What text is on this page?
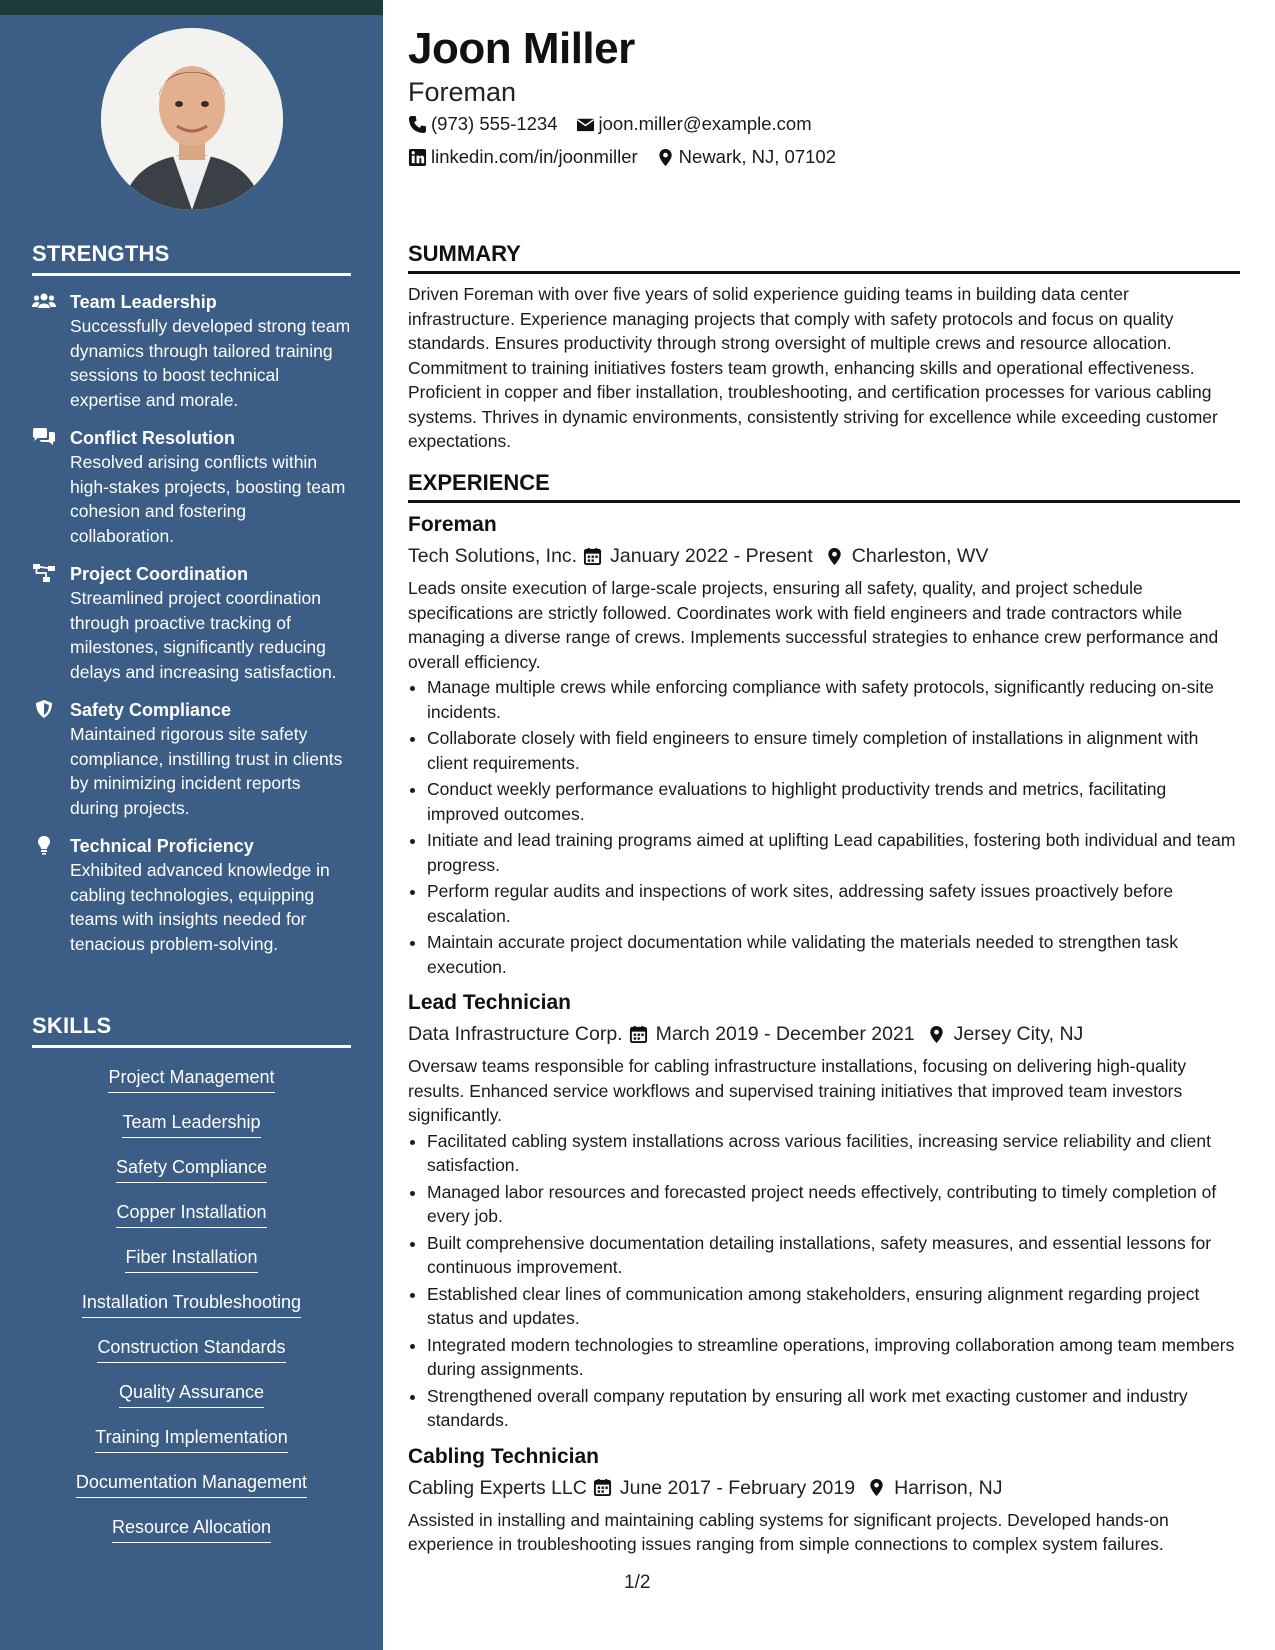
STRENGTHS
Team Leadership
Successfully developed strong team dynamics through tailored training sessions to boost technical expertise and morale.
Conflict Resolution
Resolved arising conflicts within high-stakes projects, boosting team cohesion and fostering collaboration.
Project Coordination
Streamlined project coordination through proactive tracking of milestones, significantly reducing delays and increasing satisfaction.
Safety Compliance
Maintained rigorous site safety compliance, instilling trust in clients by minimizing incident reports during projects.
Technical Proficiency
Exhibited advanced knowledge in cabling technologies, equipping teams with insights needed for tenacious problem-solving.
SKILLS
Project Management
Team Leadership
Safety Compliance
Copper Installation
Fiber Installation
Installation Troubleshooting
Construction Standards
Quality Assurance
Training Implementation
Documentation Management
Resource Allocation
Joon Miller
Foreman
(973) 555-1234 joon.miller@example.com
linkedin.com/in/joonmiller Newark, NJ, 07102
SUMMARY

Driven Foreman with over five years of solid experience guiding teams in building data center infrastructure. Experience managing projects that comply with safety protocols and focus on quality standards. Ensures productivity through strong oversight of multiple crews and resource allocation. Commitment to training initiatives fosters team growth, enhancing skills and operational effectiveness. Proficient in copper and fiber installation, troubleshooting, and certification processes for various cabling systems. Thrives in dynamic environments, consistently striving for excellence while exceeding customer expectations.

EXPERIENCE
Foreman
Tech Solutions, Inc. January 2022 - Present Charleston, WV

Leads onsite execution of large-scale projects, ensuring all safety, quality, and project schedule specifications are strictly followed. Coordinates work with field engineers and trade contractors while managing a diverse range of crews. Implements successful strategies to enhance crew performance and overall efficiency.

• Manage multiple crews while enforcing compliance with safety protocols, significantly reducing on-site incidents.
• Collaborate closely with field engineers to ensure timely completion of installations in alignment with client requirements.
• Conduct weekly performance evaluations to highlight productivity trends and metrics, facilitating improved outcomes.
• Initiate and lead training programs aimed at uplifting Lead capabilities, fostering both individual and team progress.
• Perform regular audits and inspections of work sites, addressing safety issues proactively before escalation.
• Maintain accurate project documentation while validating the materials needed to strengthen task execution.
Lead Technician
Data Infrastructure Corp. March 2019 - December 2021 Jersey City, NJ

Oversaw teams responsible for cabling infrastructure installations, focusing on delivering high-quality results. Enhanced service workflows and supervised training initiatives that improved team investors significantly.

• Facilitated cabling system installations across various facilities, increasing service reliability and client satisfaction.
• Managed labor resources and forecasted project needs effectively, contributing to timely completion of every job.
• Built comprehensive documentation detailing installations, safety measures, and essential lessons for continuous improvement.
• Established clear lines of communication among stakeholders, ensuring alignment regarding project status and updates.
• Integrated modern technologies to streamline operations, improving collaboration among team members during assignments.
• Strengthened overall company reputation by ensuring all work met exacting customer and industry standards.
Cabling Technician
Cabling Experts LLC June 2017 - February 2019 Harrison, NJ

Assisted in installing and maintaining cabling systems for significant projects. Developed hands-on experience in troubleshooting issues ranging from simple connections to complex system failures.

1/2
